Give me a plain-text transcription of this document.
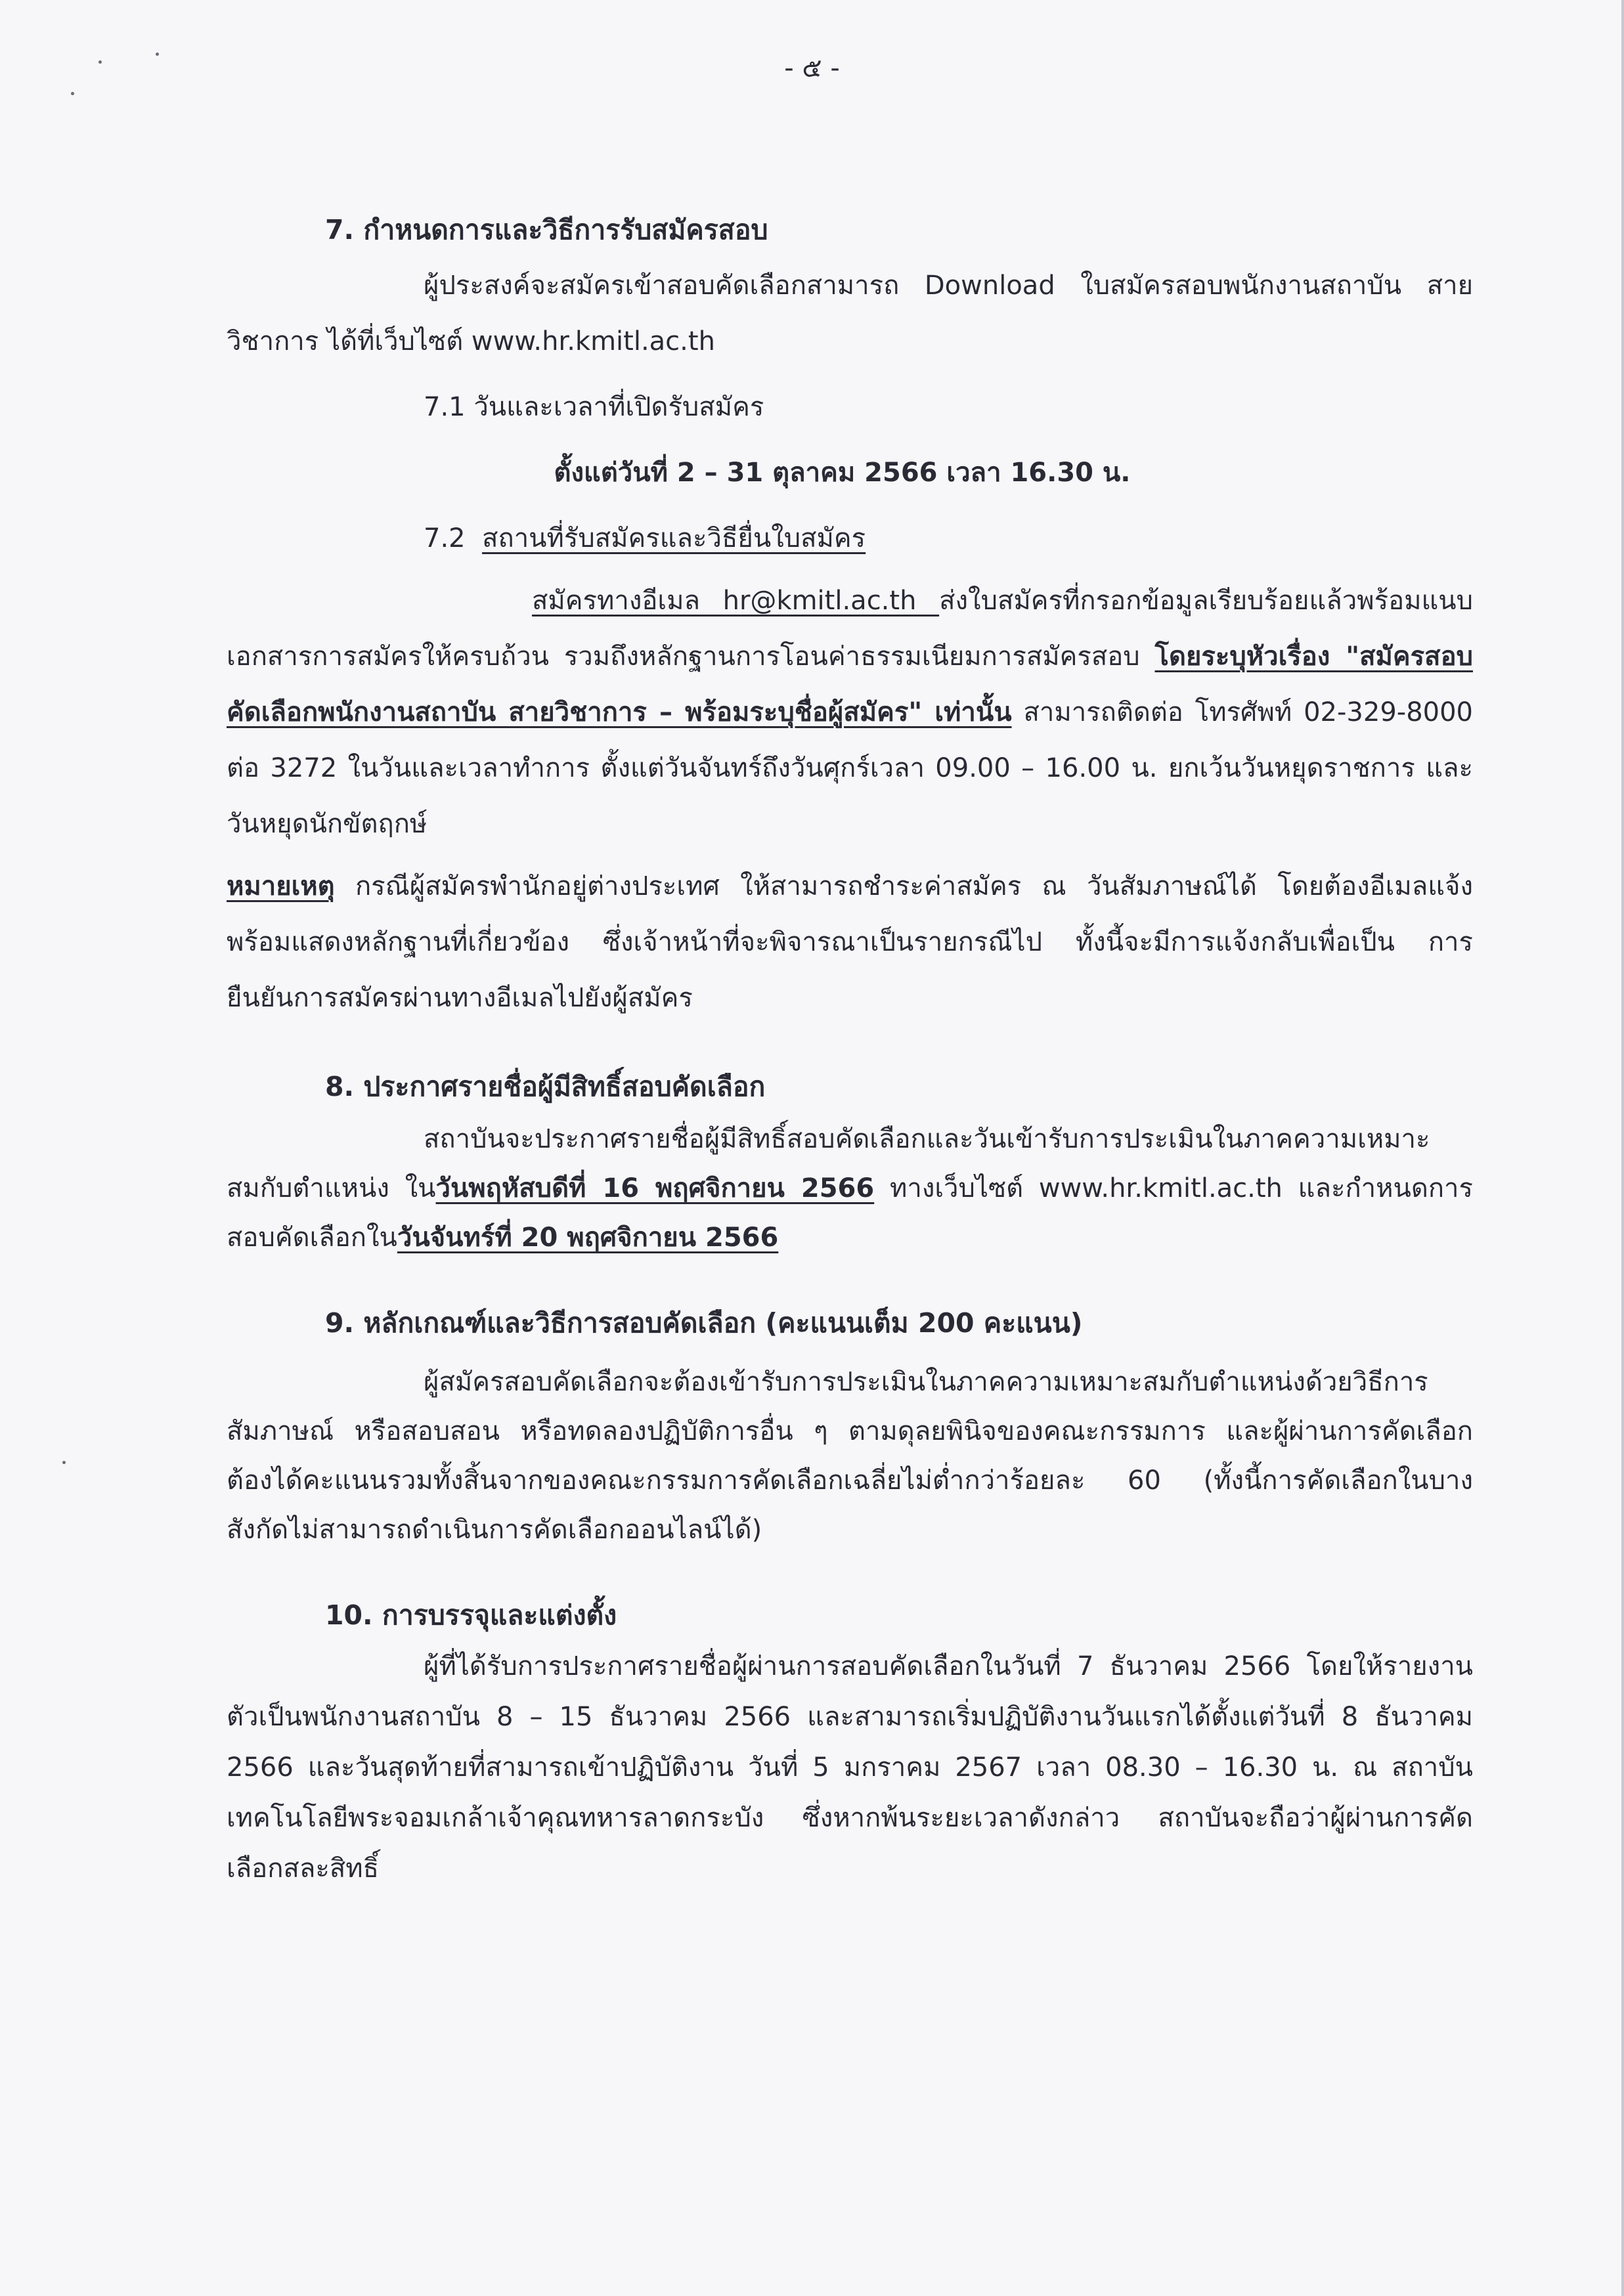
- ๕ -
7. กำหนดการและวิธีการรับสมัครสอบ
ผู้ประสงค์จะสมัครเข้าสอบคัดเลือกสามารถ Download ใบสมัครสอบพนักงานสถาบัน สาย
วิชาการ ได้ที่เว็บไซต์ www.hr.kmitl.ac.th
7.1 วันและเวลาที่เปิดรับสมัคร
ตั้งแต่วันที่ 2 – 31 ตุลาคม 2566 เวลา 16.30 น.
7.2 สถานที่รับสมัครและวิธียื่นใบสมัคร
สมัครทางอีเมล hr@kmitl.ac.th ส่งใบสมัครที่กรอกข้อมูลเรียบร้อยแล้วพร้อมแนบ
เอกสารการสมัครให้ครบถ้วน รวมถึงหลักฐานการโอนค่าธรรมเนียมการสมัครสอบ โดยระบุหัวเรื่อง "สมัครสอบ
คัดเลือกพนักงานสถาบัน สายวิชาการ – พร้อมระบุชื่อผู้สมัคร" เท่านั้น สามารถติดต่อ โทรศัพท์ 02-329-8000
ต่อ 3272 ในวันและเวลาทำการ ตั้งแต่วันจันทร์ถึงวันศุกร์เวลา 09.00 – 16.00 น. ยกเว้นวันหยุดราชการ และ
วันหยุดนักขัตฤกษ์
หมายเหตุ กรณีผู้สมัครพำนักอยู่ต่างประเทศ ให้สามารถชำระค่าสมัคร ณ วันสัมภาษณ์ได้ โดยต้องอีเมลแจ้ง
พร้อมแสดงหลักฐานที่เกี่ยวข้อง ซึ่งเจ้าหน้าที่จะพิจารณาเป็นรายกรณีไป ทั้งนี้จะมีการแจ้งกลับเพื่อเป็น การ
ยืนยันการสมัครผ่านทางอีเมลไปยังผู้สมัคร
8. ประกาศรายชื่อผู้มีสิทธิ์สอบคัดเลือก
สถาบันจะประกาศรายชื่อผู้มีสิทธิ์สอบคัดเลือกและวันเข้ารับการประเมินในภาคความเหมาะ
สมกับตำแหน่ง ในวันพฤหัสบดีที่ 16 พฤศจิกายน 2566 ทางเว็บไซต์ www.hr.kmitl.ac.th และกำหนดการ
สอบคัดเลือกในวันจันทร์ที่ 20 พฤศจิกายน 2566
9. หลักเกณฑ์และวิธีการสอบคัดเลือก (คะแนนเต็ม 200 คะแนน)
ผู้สมัครสอบคัดเลือกจะต้องเข้ารับการประเมินในภาคความเหมาะสมกับตำแหน่งด้วยวิธีการ
สัมภาษณ์ หรือสอบสอน หรือทดลองปฏิบัติการอื่น ๆ ตามดุลยพินิจของคณะกรรมการ และผู้ผ่านการคัดเลือก
ต้องได้คะแนนรวมทั้งสิ้นจากของคณะกรรมการคัดเลือกเฉลี่ยไม่ต่ำกว่าร้อยละ 60 (ทั้งนี้การคัดเลือกในบาง
สังกัดไม่สามารถดำเนินการคัดเลือกออนไลน์ได้)
10. การบรรจุและแต่งตั้ง
ผู้ที่ได้รับการประกาศรายชื่อผู้ผ่านการสอบคัดเลือกในวันที่ 7 ธันวาคม 2566 โดยให้รายงาน
ตัวเป็นพนักงานสถาบัน 8 – 15 ธันวาคม 2566 และสามารถเริ่มปฏิบัติงานวันแรกได้ตั้งแต่วันที่ 8 ธันวาคม
2566 และวันสุดท้ายที่สามารถเข้าปฏิบัติงาน วันที่ 5 มกราคม 2567 เวลา 08.30 – 16.30 น. ณ สถาบัน
เทคโนโลยีพระจอมเกล้าเจ้าคุณทหารลาดกระบัง ซึ่งหากพ้นระยะเวลาดังกล่าว สถาบันจะถือว่าผู้ผ่านการคัด
เลือกสละสิทธิ์
